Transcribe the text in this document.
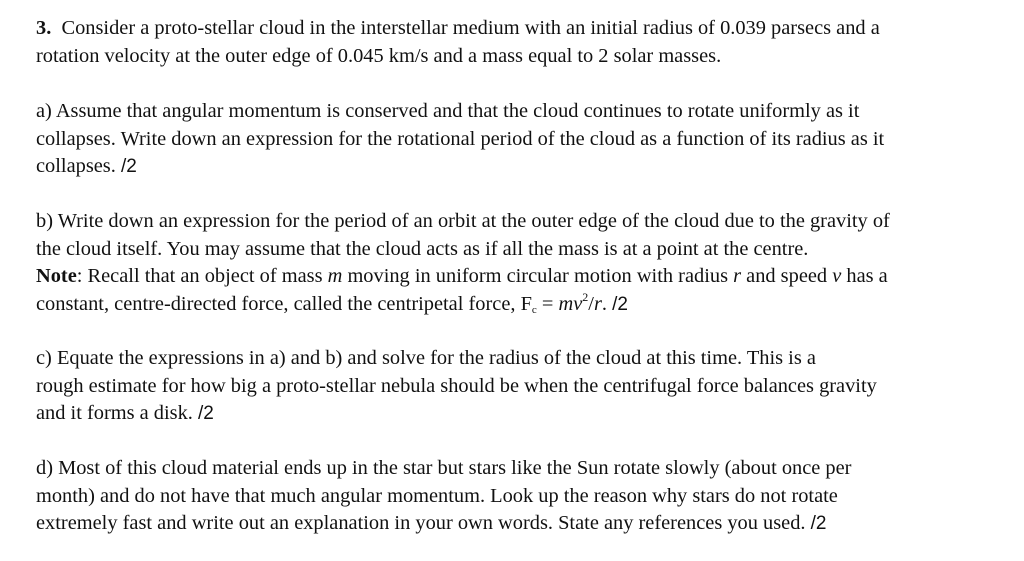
3. Consider a proto-stellar cloud in the interstellar medium with an initial radius of 0.039 parsecs and a
rotation velocity at the outer edge of 0.045 km/s and a mass equal to 2 solar masses.

a) Assume that angular momentum is conserved and that the cloud continues to rotate uniformly as it
collapses. Write down an expression for the rotational period of the cloud as a function of its radius as it
collapses. /2

b) Write down an expression for the period of an orbit at the outer edge of the cloud due to the gravity of
the cloud itself. You may assume that the cloud acts as if all the mass is at a point at the centre.
Note: Recall that an object of mass m moving in uniform circular motion with radius r and speed v has a
constant, centre-directed force, called the centripetal force, $F_c = mv^2/r$. /2

c) Equate the expressions in a) and b) and solve for the radius of the cloud at this time. This is a
rough estimate for how big a proto-stellar nebula should be when the centrifugal force balances gravity
and it forms a disk. /2

d) Most of this cloud material ends up in the star but stars like the Sun rotate slowly (about once per
month) and do not have that much angular momentum. Look up the reason why stars do not rotate
extremely fast and write out an explanation in your own words. State any references you used. /2
